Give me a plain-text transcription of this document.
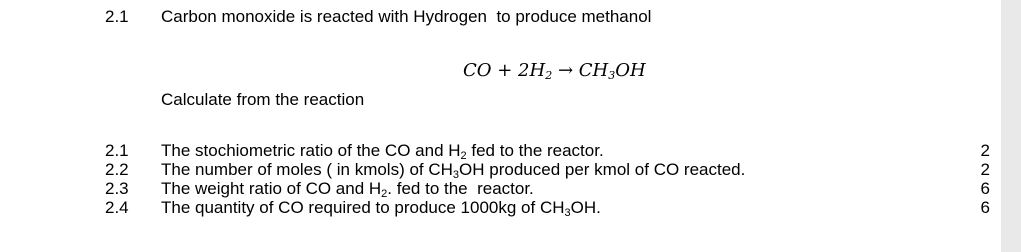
2.1 Carbon monoxide is reacted with Hydrogen  to produce methanol
CO + $2H_2 \to CH_3OH$
Calculate from the reaction
2.1 The stochiometric ratio of the CO and $H_2$ fed to the reactor.	2
2.2 The number of moles ( in kmols) of $CH_3OH$ produced per kmol of CO reacted.	2
2.3 The weight ratio of CO and $H_2$. fed to the  reactor.	6
2.4 The quantity of CO required to produce 1000kg of $CH_3OH$.	6
